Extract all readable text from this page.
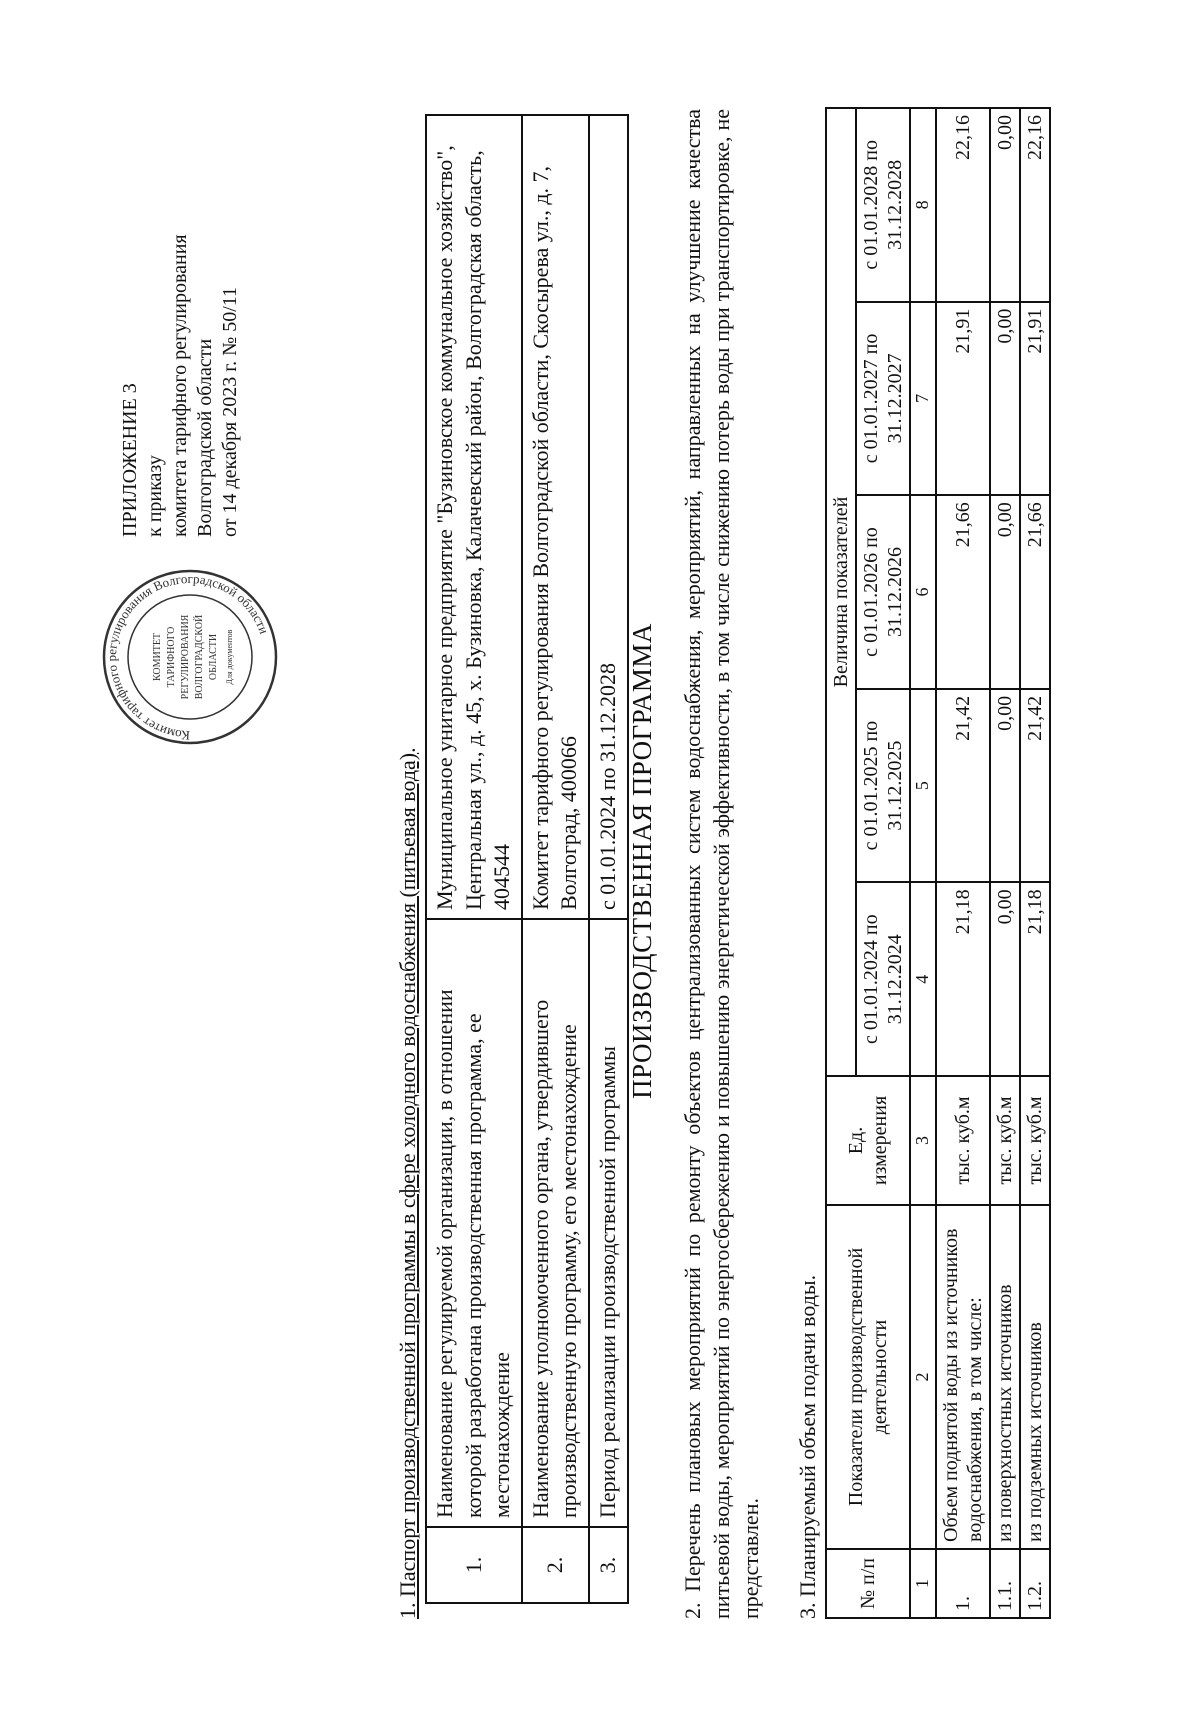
ПРИЛОЖЕНИЕ 3 к приказу комитета тарифного регулирования Волгоградской области от 14 декабря 2023 г. № 50/11
Комитет тарифного регулирования Волгоградской области
КОМИТЕТ ТАРИФНОГО РЕГУЛИРОВАНИЯ ВОЛГОГРАДСКОЙ ОБЛАСТИ Для документов	ПРОИЗВОДСТВЕННАЯ ПРОГРАММА
1. Паспорт производственной программы в сфере холодного водоснабжения (питьевая вода).
1.	Наименование регулируемой организации, в отношении которой разработана производственная программа, ее местонахождение	Муниципальное унитарное предприятие "Бузиновское коммунальное хозяйство",
Центральная ул., д. 45, х. Бузиновка, Калачевский район, Волгоградская область, 404544
2.	Наименование уполномоченного органа, утвердившего производственную программу, его местонахождение	Комитет тарифного регулирования Волгоградской области, Скосырева ул., д. 7, Волгоград, 400066
3.	Период реализации производственной программы	с 01.01.2024 по 31.12.2028	2. Перечень плановых мероприятий по ремонту объектов централизованных систем водоснабжения, мероприятий, направленных на улучшение качества питьевой воды, мероприятий по энергосбережению и повышению энергетической эффективности, в том числе снижению потерь воды при транспортировке, не представлен. 3. Планируемый объем подачи воды. № п/п	Показатели производственной деятельности	Ед. измерения	Величина показателей				
			с 01.01.2024 по 31.12.2024	с 01.01.2025 по 31.12.2025	с 01.01.2026 по 31.12.2026	с 01.01.2027 по 31.12.2027	с 01.01.2028 по 31.12.2028
1	2	3	4	5	6	7	8
1.	Объем поднятой воды из источников водоснабжения, в том числе:	тыс. куб.м	21,18	21,42	21,66	21,91	22,16
1.1.	из поверхностных источников	тыс. куб.м	0,00	0,00	0,00	0,00	0,00
1.2.	из подземных источников	тыс. куб.м	21,18	21,42	21,66	21,91	22,16
